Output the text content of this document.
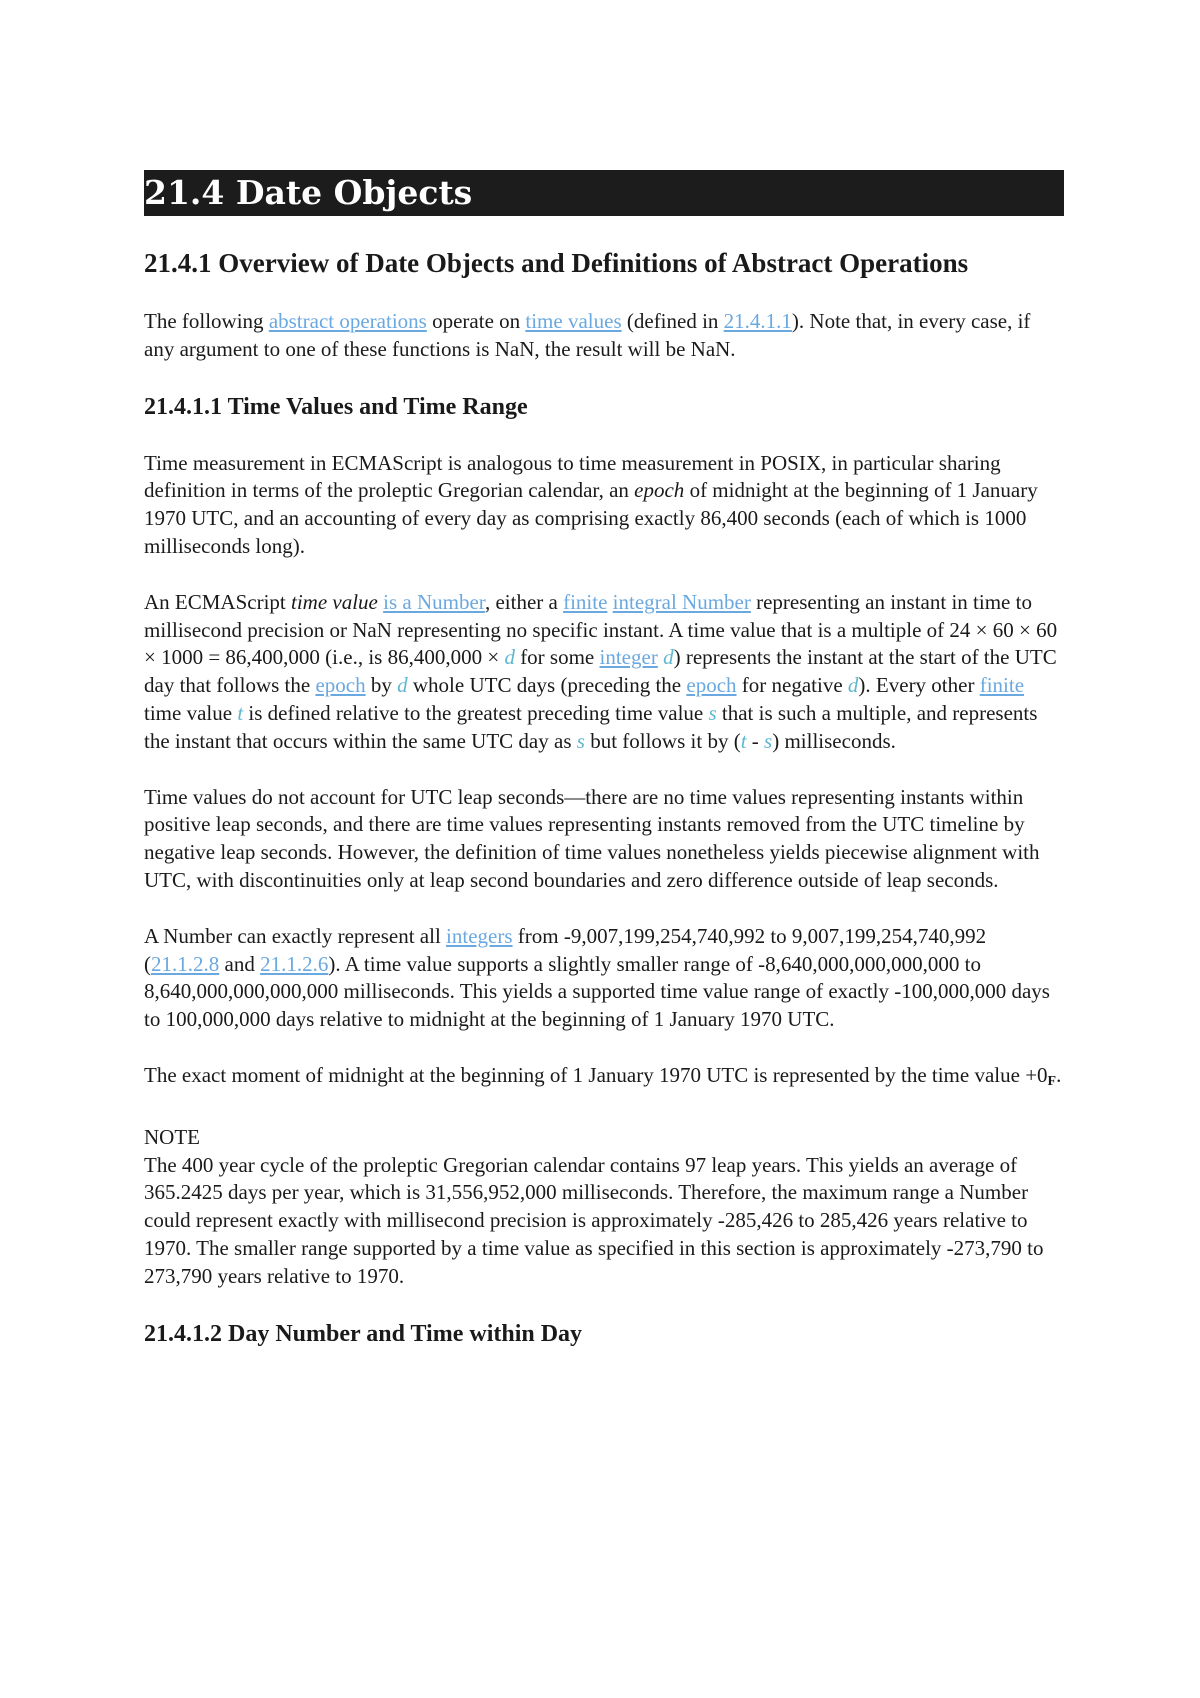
21.4 Date Objects
21.4.1 Overview of Date Objects and Definitions of Abstract Operations

The following abstract operations operate on time values (defined in 21.4.1.1). Note that, in every case, if any argument to one of these functions is NaN, the result will be NaN.

21.4.1.1 Time Values and Time Range

Time measurement in ECMAScript is analogous to time measurement in POSIX, in particular sharing definition in terms of the proleptic Gregorian calendar, an epoch of midnight at the beginning of 1 January 1970 UTC, and an accounting of every day as comprising exactly 86,400 seconds (each of which is 1000 milliseconds long).

An ECMAScript time value is a Number, either a finite integral Number representing an instant in time to millisecond precision or NaN representing no specific instant. A time value that is a multiple of 24 × 60 × 60 × 1000 = 86,400,000 (i.e., is 86,400,000 × d for some integer d) represents the instant at the start of the UTC day that follows the epoch by d whole UTC days (preceding the epoch for negative d). Every other finite time value t is defined relative to the greatest preceding time value s that is such a multiple, and represents the instant that occurs within the same UTC day as s but follows it by (t - s) milliseconds.

Time values do not account for UTC leap seconds—there are no time values representing instants within positive leap seconds, and there are time values representing instants removed from the UTC timeline by negative leap seconds. However, the definition of time values nonetheless yields piecewise alignment with UTC, with discontinuities only at leap second boundaries and zero difference outside of leap seconds.

A Number can exactly represent all integers from -9,007,199,254,740,992 to 9,007,199,254,740,992 (21.1.2.8 and 21.1.2.6). A time value supports a slightly smaller range of -8,640,000,000,000,000 to 8,640,000,000,000,000 milliseconds. This yields a supported time value range of exactly -100,000,000 days to 100,000,000 days relative to midnight at the beginning of 1 January 1970 UTC.

The exact moment of midnight at the beginning of 1 January 1970 UTC is represented by the time value $+0_F$.

NOTE

The 400 year cycle of the proleptic Gregorian calendar contains 97 leap years. This yields an average of 365.2425 days per year, which is 31,556,952,000 milliseconds. Therefore, the maximum range a Number could represent exactly with millisecond precision is approximately -285,426 to 285,426 years relative to 1970. The smaller range supported by a time value as specified in this section is approximately -273,790 to 273,790 years relative to 1970.

21.4.1.2 Day Number and Time within Day
